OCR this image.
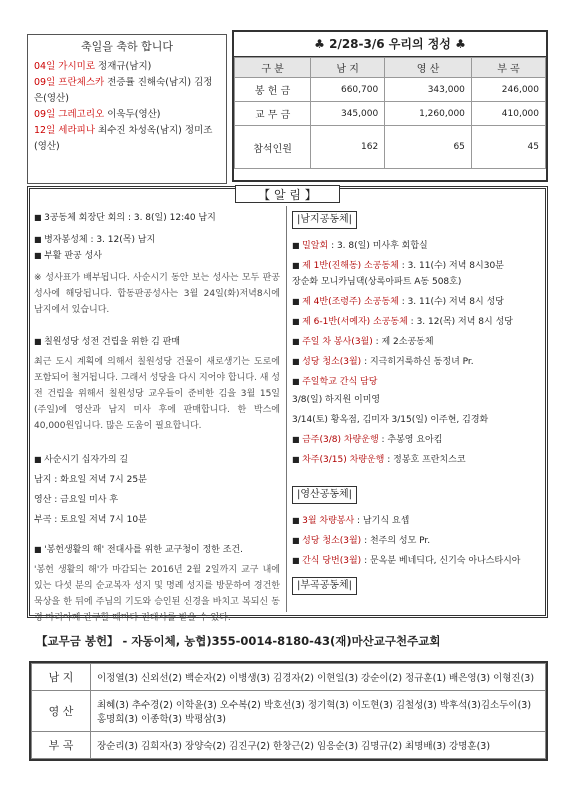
축일을 축하 합니다
04일 가시미로 정재규(남지)
09일 프란체스카 전증률 진해숙(남지) 김정은(영산)
09일 그레고리오 이욱두(영산)
12일 세라피나 최수진 차성옥(남지) 정미조(영산)
♣ 2/28-3/6 우리의 정성 ♣
구 분	남 지	영 산	부 곡
봉 헌 금	660,700	343,000	246,000
교 무 금	345,000	1,260,000	410,000
참석인원	162	65	45
【 알 림 】

■ 3공동체 회장단 회의 : 3. 8(일) 12:40 남지

■ 병자봉성체 : 3. 12(목) 남지

■ 부활 판공 성사

※ 성사표가 배부됩니다. 사순시기 동안 보는 성사는 모두 판공성사에 해당됩니다. 합동판공성사는 3월 24일(화)저녁8시에 남지에서 있습니다.

■ 칠원성당 성전 건립을 위한 김 판매

최근 도시 계획에 의해서 칠원성당 건물이 새로생기는 도로에 포함되어 철거됩니다. 그래서 성당을 다시 지어야 합니다. 새 성전 건립을 위해서 칠원성당 교우들이 준비한 김을 3월 15일 (주일)에 영산과 남지 미사 후에 판매합니다. 한 박스에 40,000원입니다. 많은 도움이 필요합니다.

■ 사순시기 십자가의 길

남지 : 화요일 저녁 7시 25분

영산 : 금요일 미사 후

부곡 : 토요일 저녁 7시 10분

■ '봉헌생활의 해' 전대사를 위한 교구청이 정한 조건.

'봉헌 생활의 해'가 마감되는 2016년 2월 2일까지 교구 내에 있는 다섯 분의 순교복자 성지 및 명례 성지를 방문하여 경건한 묵상을 한 뒤에 주님의 기도와 승인된 신경을 바치고 복되신 동정 마리아께 간구할 때마다 전대사를 받을 수 있다.

|남지공동체|

■ 밀알회 : 3. 8(일) 미사후 회합실

■ 제 1반(진해동) 소공동체 : 3. 11(수) 저녁 8시30분

장순화 모니카님댁(상록아파트 A동 508호)

■ 제 4반(조령주) 소공동체 : 3. 11(수) 저녁 8시 성당

■ 제 6-1반(서예자) 소공동체 : 3. 12(목) 저녁 8시 성당

■ 주일 차 봉사(3월) : 제 2소공동체

■ 성당 청소(3월) : 지극히거룩하신 동정녀 Pr.

■ 주일학교 간식 담당

3/8(일) 하지원 이미영

3/14(토) 황옥점, 김미자 3/15(일) 이주현, 김경화

■ 금주(3/8) 차량운행 : 추봉영 요아킴

■ 차주(3/15) 차량운행 : 정봉호 프란치스코

|영산공동체|

■ 3월 차량봉사 : 남기식 요셉

■ 성당 청소(3월) : 천주의 성모 Pr.

■ 간식 당번(3월) : 문옥분 베네딕다, 신기숙 아나스타시아

|부곡공동체|
【교무금 봉헌】 - 자동이체, 농협)355-0014-8180-43(재)마산교구천주교회
남 지	이정열(3) 신외선(2) 백순자(2) 이병생(3) 김경자(2) 이현일(3) 강순이(2) 정규훈(1) 배은영(3) 이형진(3)
영 산	최혜(3) 추수경(2) 이학윤(3) 오수복(2) 박호선(3) 정기혁(3) 이도현(3) 김철성(3) 박후석(3)김소두이(3) 홍명희(3) 이종학(3) 박평삼(3)
부 곡	장순리(3) 김희자(3) 장양숙(2) 김진구(2) 한창근(2) 임응순(3) 김명규(2) 최명배(3) 강명훈(3)
